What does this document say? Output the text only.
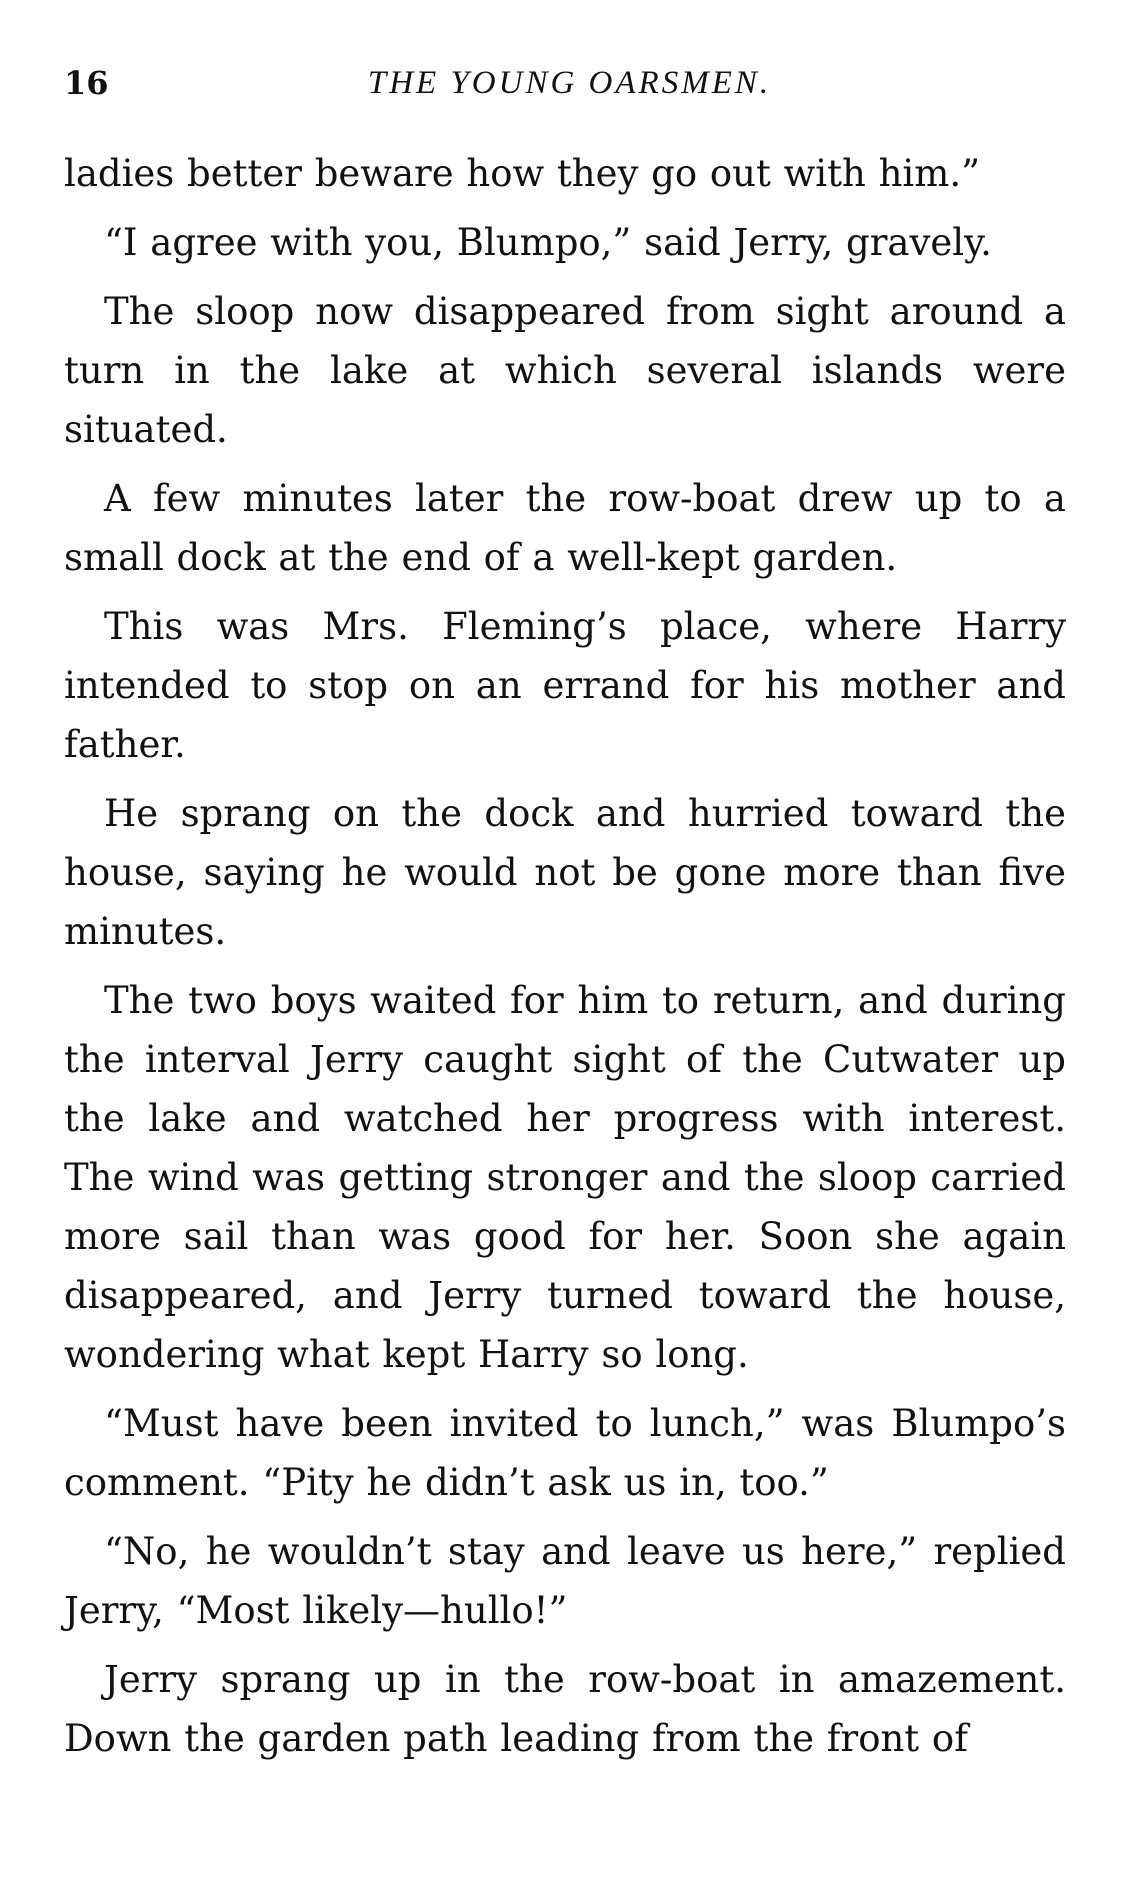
16	THE YOUNG OARSMEN.

ladies better beware how they go out with him.”

“I agree with you, Blumpo,” said Jerry, gravely.

The sloop now disappeared from sight around a turn in the lake at which several islands were situated.

A few minutes later the row-boat drew up to a small dock at the end of a well-kept garden.

This was Mrs. Fleming’s place, where Harry intended to stop on an errand for his mother and father.

He sprang on the dock and hurried toward the house, saying he would not be gone more than five minutes.

The two boys waited for him to return, and during the interval Jerry caught sight of the Cutwater up the lake and watched her progress with interest. The wind was getting stronger and the sloop carried more sail than was good for her. Soon she again disappeared, and Jerry turned toward the house, wondering what kept Harry so long.

“Must have been invited to lunch,” was Blumpo’s comment. “Pity he didn’t ask us in, too.”

“No, he wouldn’t stay and leave us here,” replied Jerry, “Most likely—hullo!”

Jerry sprang up in the row-boat in amazement. Down the garden path leading from the front of
